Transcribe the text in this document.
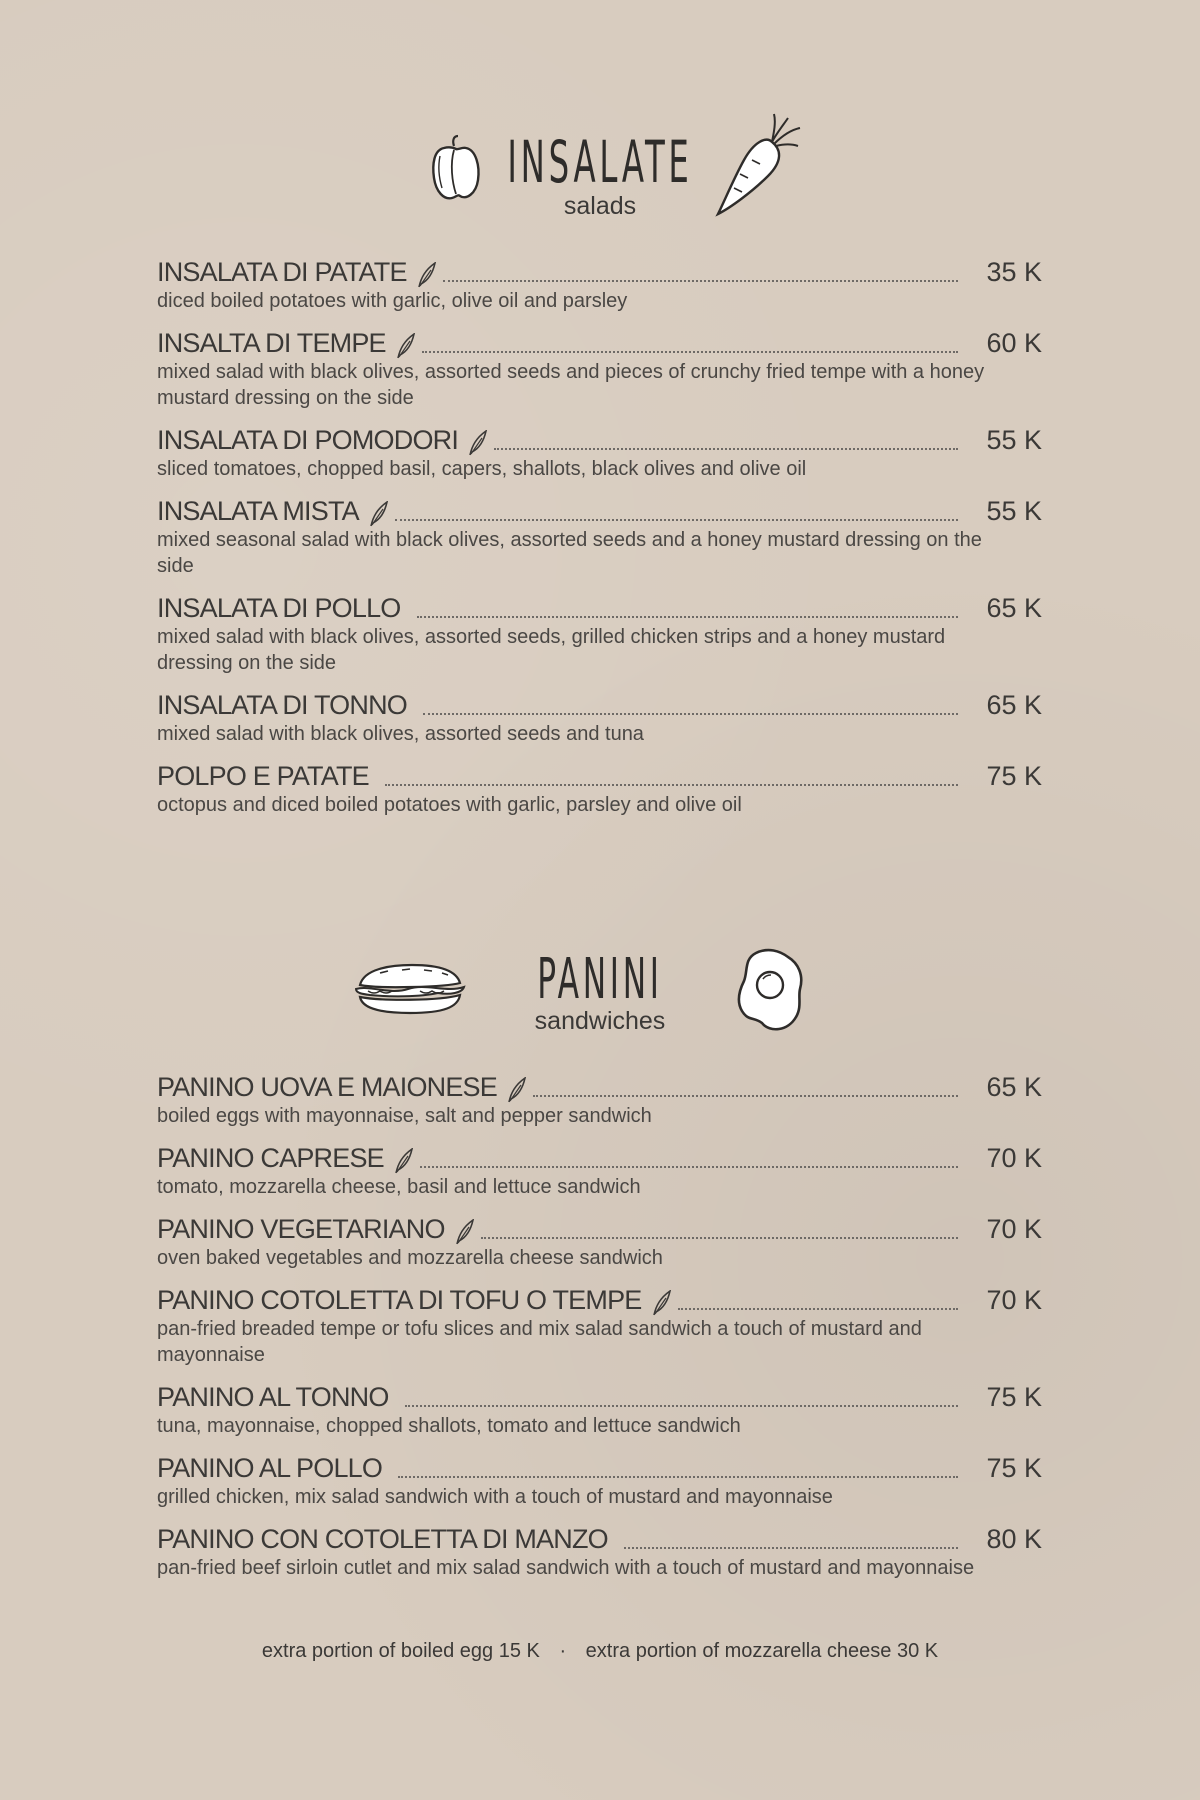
INSALATE
salads
INSALATA DI PATATE	35 K
diced boiled potatoes with garlic, olive oil and parsley
INSALTA DI TEMPE	60 K
mixed salad with black olives, assorted seeds and pieces of crunchy fried tempe with a honey mustard dressing on the side
INSALATA DI POMODORI	55 K
sliced tomatoes, chopped basil, capers, shallots, black olives and olive oil
INSALATA MISTA	55 K
mixed seasonal salad with black olives, assorted seeds and a honey mustard dressing on the side
INSALATA DI POLLO	65 K
mixed salad with black olives, assorted seeds, grilled chicken strips and a honey mustard dressing on the side
INSALATA DI TONNO	65 K
mixed salad with black olives, assorted seeds and tuna
POLPO E PATATE	75 K
octopus and diced boiled potatoes with garlic, parsley and olive oil
PANINI
sandwiches
PANINO UOVA E MAIONESE	65 K
boiled eggs with mayonnaise, salt and pepper sandwich
PANINO CAPRESE	70 K
tomato, mozzarella cheese, basil and lettuce sandwich
PANINO VEGETARIANO	70 K
oven baked vegetables and mozzarella cheese sandwich
PANINO COTOLETTA DI TOFU O TEMPE	70 K
pan-fried breaded tempe or tofu slices and mix salad sandwich a touch of mustard and mayonnaise
PANINO AL TONNO	75 K
tuna, mayonnaise, chopped shallots, tomato and lettuce sandwich
PANINO AL POLLO	75 K
grilled chicken, mix salad sandwich with a touch of mustard and mayonnaise
PANINO CON COTOLETTA DI MANZO	80 K
pan-fried beef sirloin cutlet and mix salad sandwich with a touch of mustard and mayonnaise
extra portion of boiled egg 15 K · extra portion of mozzarella cheese 30 K
